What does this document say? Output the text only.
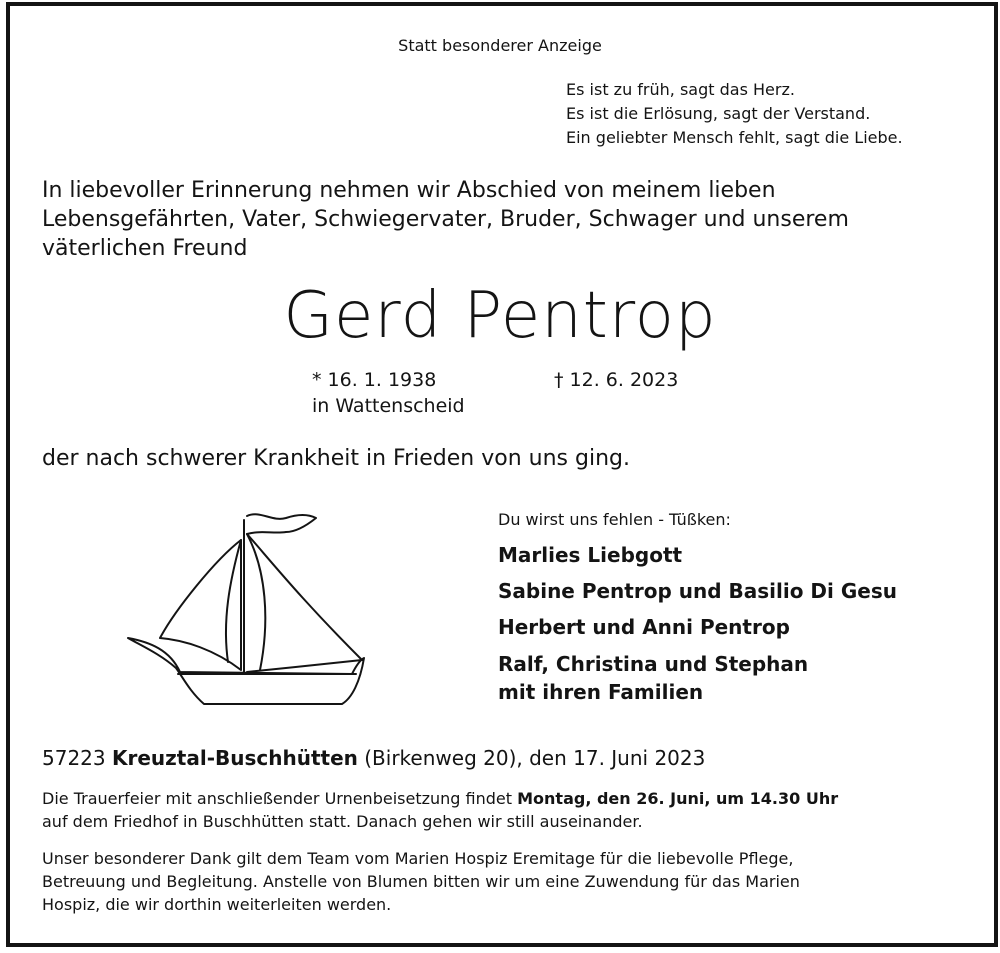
Statt besonderer Anzeige
Es ist zu früh, sagt das Herz.
Es ist die Erlösung, sagt der Verstand.
Ein geliebter Mensch fehlt, sagt die Liebe.
In liebevoller Erinnerung nehmen wir Abschied von meinem lieben
Lebensgefährten, Vater, Schwiegervater, Bruder, Schwager und unserem
väterlichen Freund
Gerd Pentrop
* 16. 1. 1938
in Wattenscheid
† 12. 6. 2023
der nach schwerer Krankheit in Frieden von uns ging.
Du wirst uns fehlen - Tüßken:
Marlies Liebgott
Sabine Pentrop und Basilio Di Gesu
Herbert und Anni Pentrop
Ralf, Christina und Stephan
mit ihren Familien
57223 Kreuztal-Buschhütten (Birkenweg 20), den 17. Juni 2023
Die Trauerfeier mit anschließender Urnenbeisetzung findet Montag, den 26. Juni, um 14.30 Uhr
auf dem Friedhof in Buschhütten statt. Danach gehen wir still auseinander.
Unser besonderer Dank gilt dem Team vom Marien Hospiz Eremitage für die liebevolle Pflege,
Betreuung und Begleitung. Anstelle von Blumen bitten wir um eine Zuwendung für das Marien
Hospiz, die wir dorthin weiterleiten werden.
